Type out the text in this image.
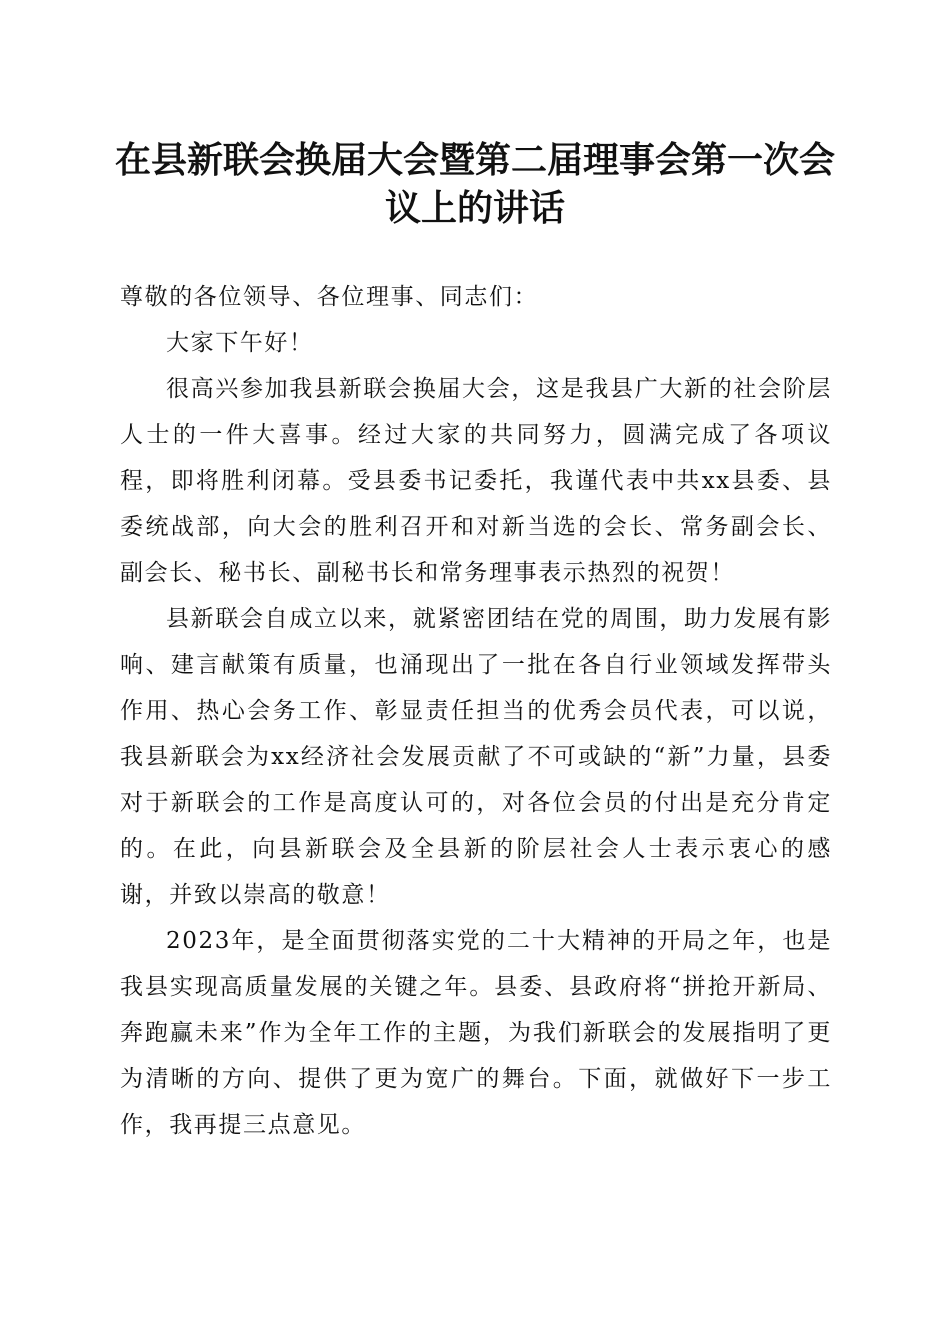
在县新联会换届大会暨第二届理事会第一次会议上的讲话

尊敬的各位领导、各位理事、同志们：

大家下午好！

很高兴参加我县新联会换届大会，这是我县广大新的社会阶层人士的一件大喜事。经过大家的共同努力，圆满完成了各项议程，即将胜利闭幕。受县委书记委托，我谨代表中共xx县委、县委统战部，向大会的胜利召开和对新当选的会长、常务副会长、副会长、秘书长、副秘书长和常务理事表示热烈的祝贺！

县新联会自成立以来，就紧密团结在党的周围，助力发展有影响、建言献策有质量，也涌现出了一批在各自行业领域发挥带头作用、热心会务工作、彰显责任担当的优秀会员代表，可以说，我县新联会为xx经济社会发展贡献了不可或缺的“新”力量，县委对于新联会的工作是高度认可的，对各位会员的付出是充分肯定的。在此，向县新联会及全县新的阶层社会人士表示衷心的感谢，并致以崇高的敬意！

2023年，是全面贯彻落实党的二十大精神的开局之年，也是我县实现高质量发展的关键之年。县委、县政府将“拼抢开新局、奔跑赢未来”作为全年工作的主题，为我们新联会的发展指明了更为清晰的方向、提供了更为宽广的舞台。下面，就做好下一步工作，我再提三点意见。
